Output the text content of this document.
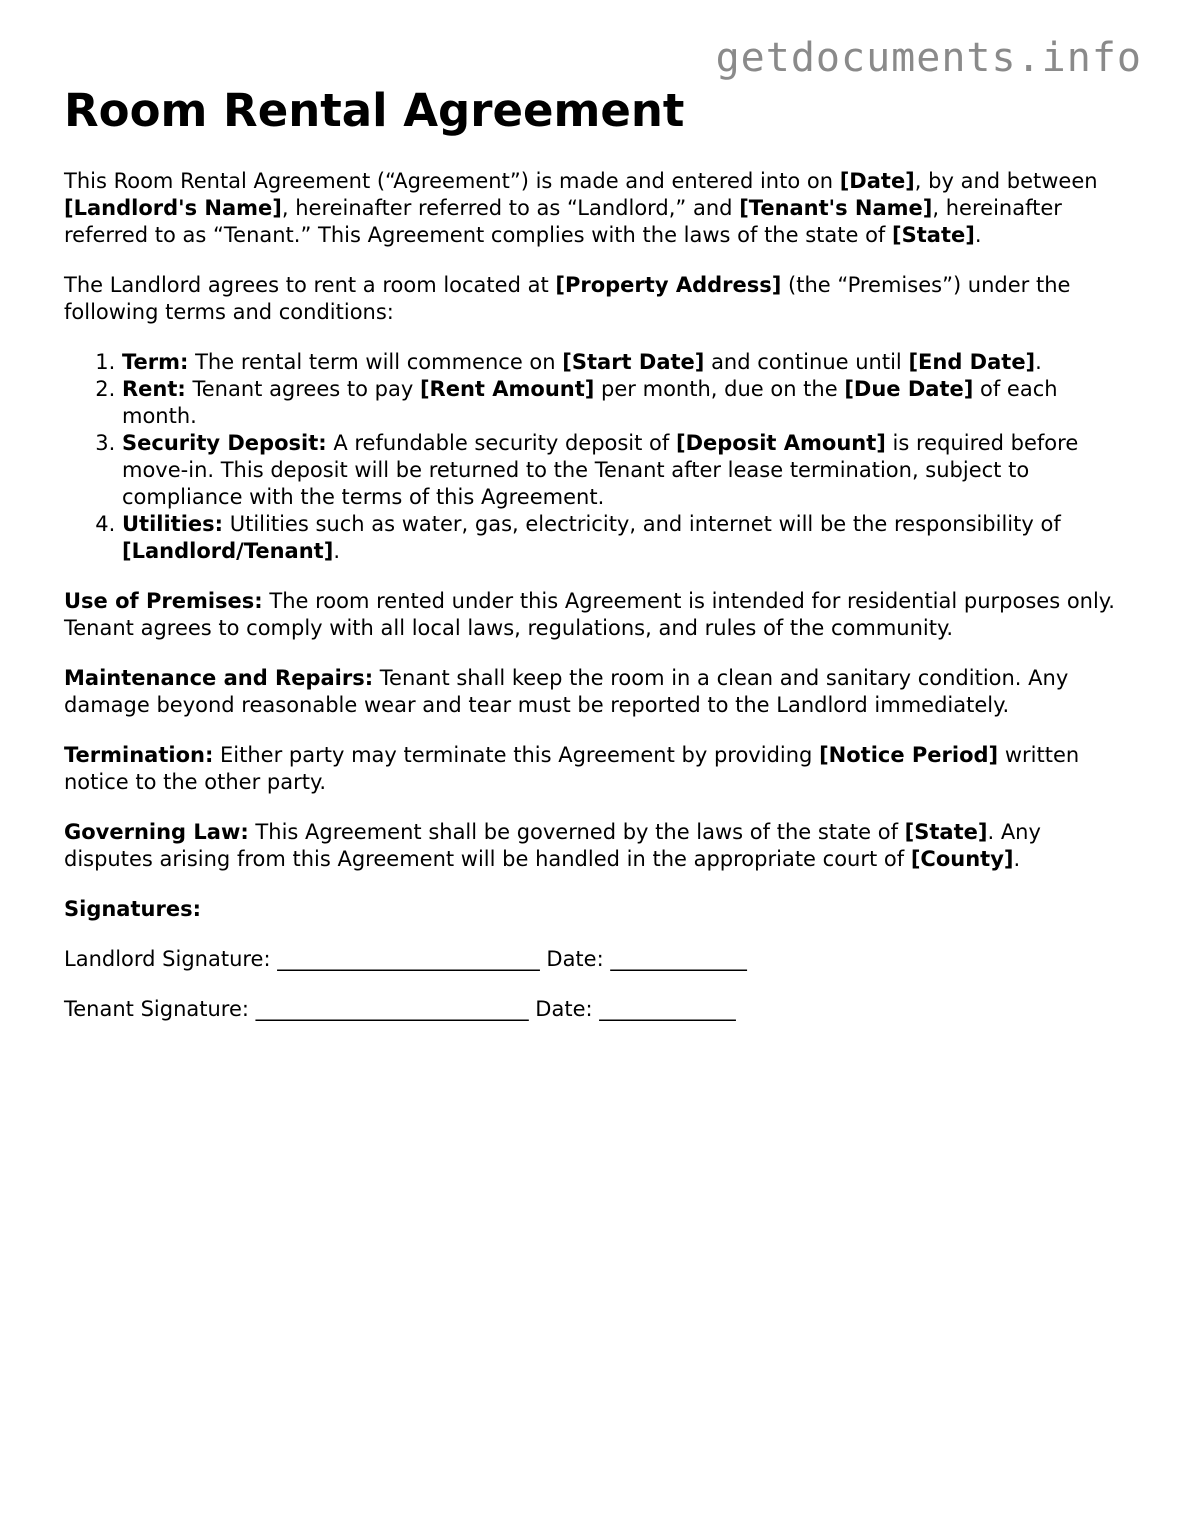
getdocuments.info
Room Rental Agreement

This Room Rental Agreement (“Agreement”) is made and entered into on [Date], by and between [Landlord's Name], hereinafter referred to as “Landlord,” and [Tenant's Name], hereinafter referred to as “Tenant.” This Agreement complies with the laws of the state of [State].

The Landlord agrees to rent a room located at [Property Address] (the “Premises”) under the following terms and conditions:

1. Term: The rental term will commence on [Start Date] and continue until [End Date].
2. Rent: Tenant agrees to pay [Rent Amount] per month, due on the [Due Date] of each month.
3. Security Deposit: A refundable security deposit of [Deposit Amount] is required before move-in. This deposit will be returned to the Tenant after lease termination, subject to compliance with the terms of this Agreement.
4. Utilities: Utilities such as water, gas, electricity, and internet will be the responsibility of [Landlord/Tenant].

Use of Premises: The room rented under this Agreement is intended for residential purposes only. Tenant agrees to comply with all local laws, regulations, and rules of the community.

Maintenance and Repairs: Tenant shall keep the room in a clean and sanitary condition. Any damage beyond reasonable wear and tear must be reported to the Landlord immediately.

Termination: Either party may terminate this Agreement by providing [Notice Period] written notice to the other party.

Governing Law: This Agreement shall be governed by the laws of the state of [State]. Any disputes arising from this Agreement will be handled in the appropriate court of [County].

Signatures:

Landlord Signature: _________________________ Date: _____________

Tenant Signature: __________________________ Date: _____________
